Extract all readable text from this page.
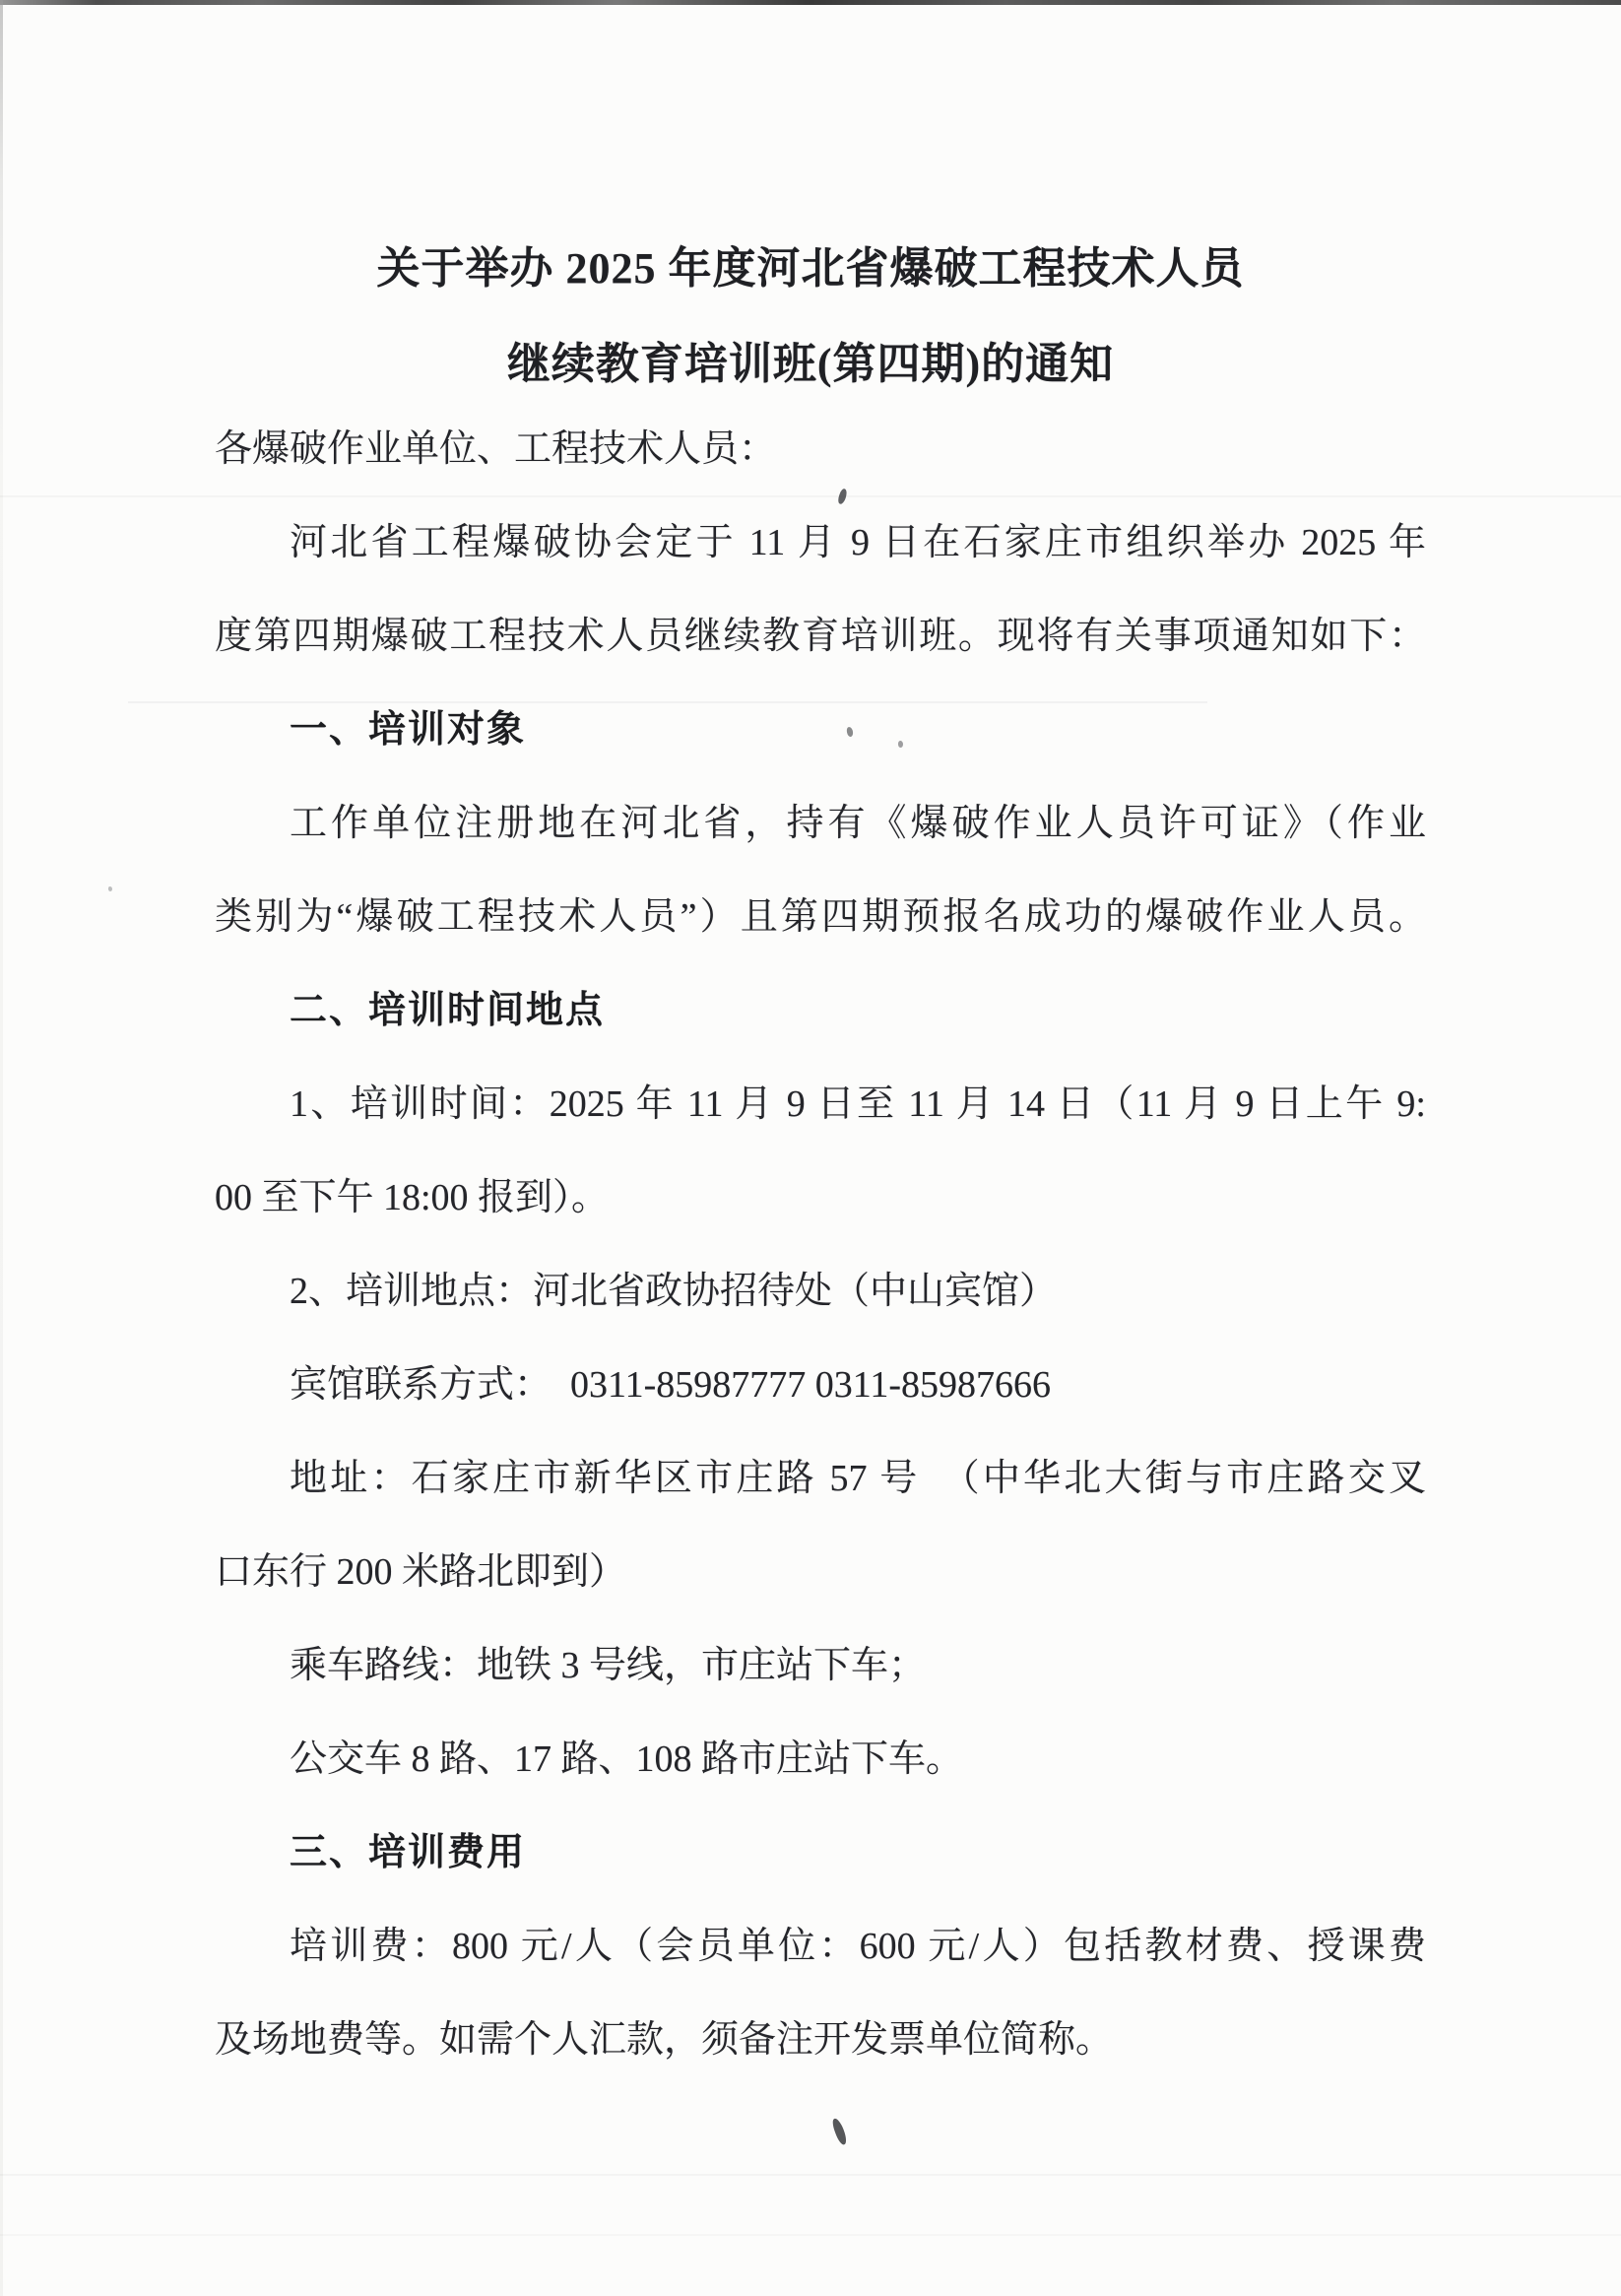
关于举办 2025 年度河北省爆破工程技术人员
继续教育培训班(第四期)的通知
各爆破作业单位、工程技术人员：
河北省工程爆破协会定于 11 月 9 日在石家庄市组织举办 2025 年
度第四期爆破工程技术人员继续教育培训班。现将有关事项通知如下：
一、培训对象
工作单位注册地在河北省，持有《爆破作业人员许可证》（作业
类别为“爆破工程技术人员”）且第四期预报名成功的爆破作业人员。
二、培训时间地点
1、培训时间：2025 年 11 月 9 日至 11 月 14 日（11 月 9 日上午 9:
00 至下午 18:00 报到）。
2、培训地点：河北省政协招待处（中山宾馆）
宾馆联系方式：　0311-85987777 0311-85987666
地址：石家庄市新华区市庄路 57 号　（中华北大街与市庄路交叉
口东行 200 米路北即到）
乘车路线：地铁 3 号线，市庄站下车；
公交车 8 路、17 路、108 路市庄站下车。
三、培训费用
培训费：800 元/人（会员单位：600 元/人）包括教材费、授课费
及场地费等。如需个人汇款，须备注开发票单位简称。
